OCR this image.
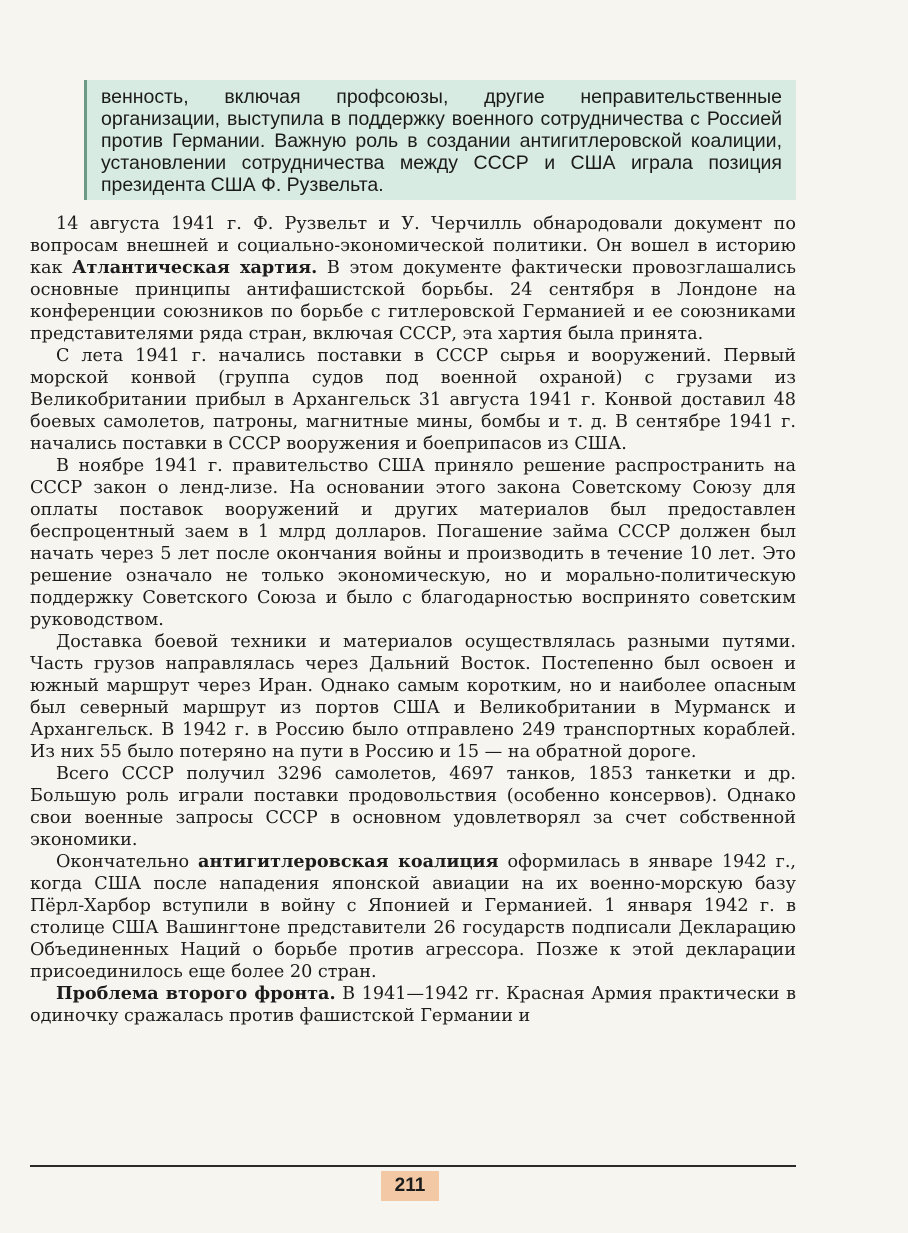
венность, включая профсоюзы, другие неправительственные организации, выступила в поддержку военного сотрудничества с Россией против Германии. Важную роль в создании антигитлеровской коалиции, установлении сотрудничества между СССР и США играла позиция президента США Ф. Рузвельта.

14 августа 1941 г. Ф. Рузвельт и У. Черчилль обнародовали документ по вопросам внешней и социально-экономической политики. Он вошел в историю как Атлантическая хартия. В этом документе фактически провозглашались основные принципы антифашистской борьбы. 24 сентября в Лондоне на конференции союзников по борьбе с гитлеровской Германией и ее союзниками представителями ряда стран, включая СССР, эта хартия была принята.

С лета 1941 г. начались поставки в СССР сырья и вооружений. Первый морской конвой (группа судов под военной охраной) с грузами из Великобритании прибыл в Архангельск 31 августа 1941 г. Конвой доставил 48 боевых самолетов, патроны, магнитные мины, бомбы и т. д. В сентябре 1941 г. начались поставки в СССР вооружения и боеприпасов из США.

В ноябре 1941 г. правительство США приняло решение распространить на СССР закон о ленд-лизе. На основании этого закона Советскому Союзу для оплаты поставок вооружений и других материалов был предоставлен беспроцентный заем в 1 млрд долларов. Погашение займа СССР должен был начать через 5 лет после окончания войны и производить в течение 10 лет. Это решение означало не только экономическую, но и морально-политическую поддержку Советского Союза и было с благодарностью воспринято советским руководством.

Доставка боевой техники и материалов осуществлялась разными путями. Часть грузов направлялась через Дальний Восток. Постепенно был освоен и южный маршрут через Иран. Однако самым коротким, но и наиболее опасным был северный маршрут из портов США и Великобритании в Мурманск и Архангельск. В 1942 г. в Россию было отправлено 249 транспортных кораблей. Из них 55 было потеряно на пути в Россию и 15 — на обратной дороге.

Всего СССР получил 3296 самолетов, 4697 танков, 1853 танкетки и др. Большую роль играли поставки продовольствия (особенно консервов). Однако свои военные запросы СССР в основном удовлетворял за счет собственной экономики.

Окончательно антигитлеровская коалиция оформилась в январе 1942 г., когда США после нападения японской авиации на их военно-морскую базу Пёрл-Харбор вступили в войну с Японией и Германией. 1 января 1942 г. в столице США Вашингтоне представители 26 государств подписали Декларацию Объединенных Наций о борьбе против агрессора. Позже к этой декларации присоединилось еще более 20 стран.

Проблема второго фронта. В 1941—1942 гг. Красная Армия практически в одиночку сражалась против фашистской Германии и

211
